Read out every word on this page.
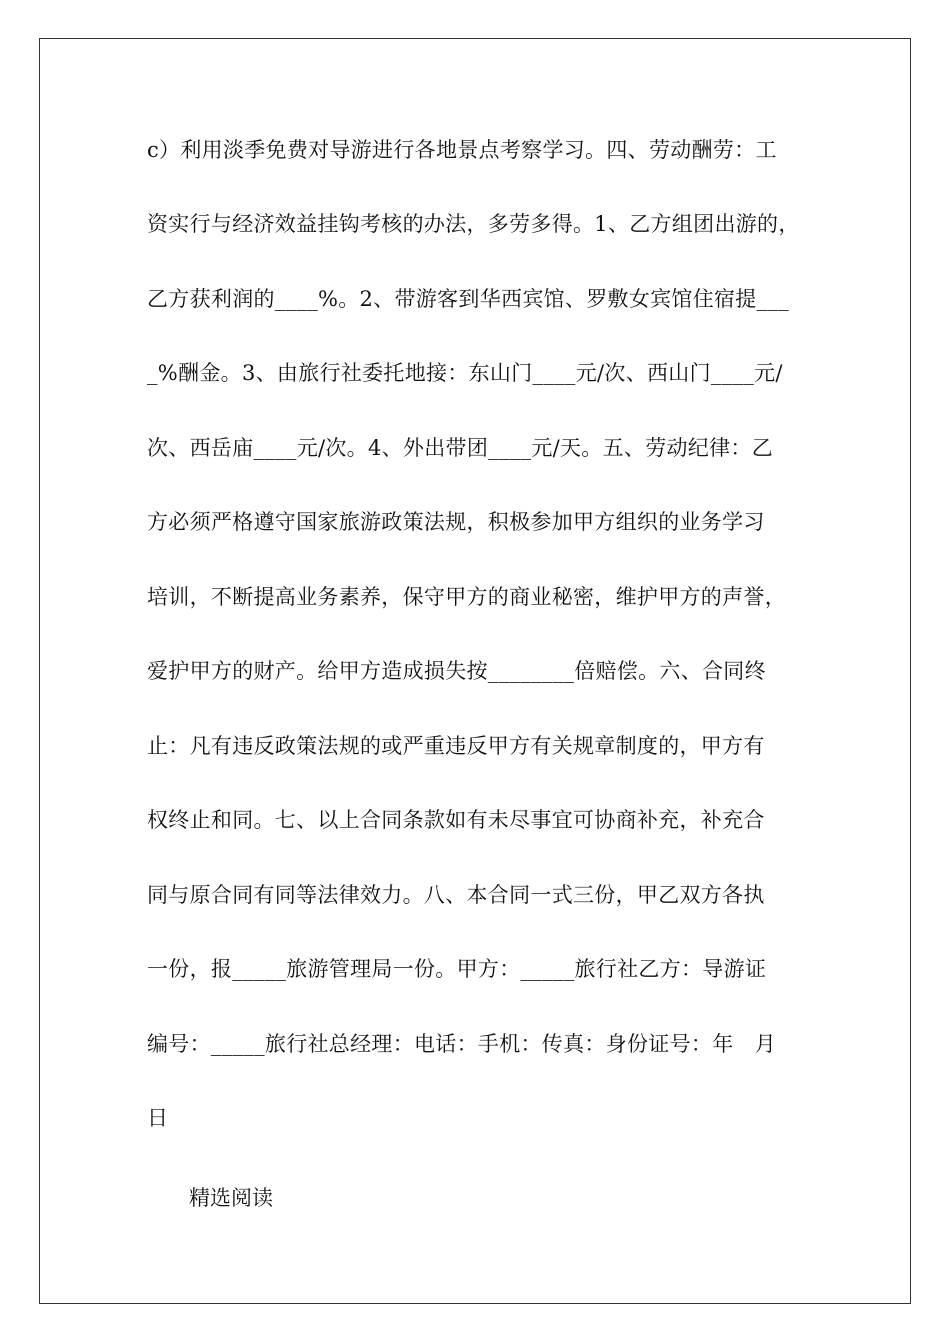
c）利用淡季免费对导游进行各地景点考察学习。四、劳动酬劳：工
资实行与经济效益挂钩考核的办法，多劳多得。1、乙方组团出游的，
乙方获利润的____%。2、带游客到华西宾馆、罗敷女宾馆住宿提___
_%酬金。3、由旅行社委托地接：东山门____元/次、西山门____元/
次、西岳庙____元/次。4、外出带团____元/天。五、劳动纪律：乙
方必须严格遵守国家旅游政策法规，积极参加甲方组织的业务学习
培训，不断提高业务素养，保守甲方的商业秘密，维护甲方的声誉，
爱护甲方的财产。给甲方造成损失按________倍赔偿。六、合同终
止：凡有违反政策法规的或严重违反甲方有关规章制度的，甲方有
权终止和同。七、以上合同条款如有未尽事宜可协商补充，补充合
同与原合同有同等法律效力。八、本合同一式三份，甲乙双方各执
一份，报_____旅游管理局一份。甲方：_____旅行社乙方：导游证
编号：_____旅行社总经理：电话：手机：传真：身份证号：年　月
日
精选阅读
